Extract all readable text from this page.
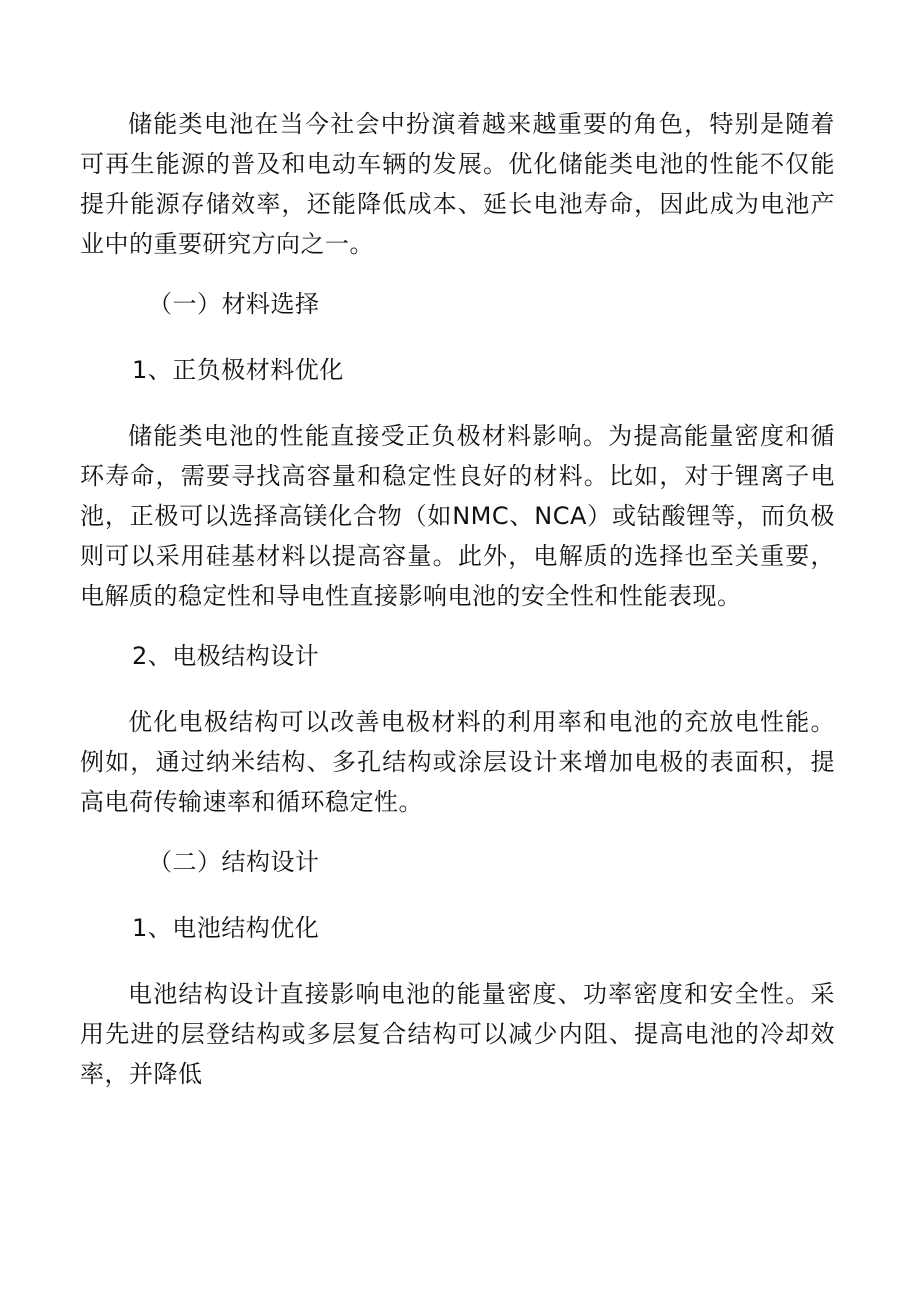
储能类电池在当今社会中扮演着越来越重要的角色，特别是随着可再生能源的普及和电动车辆的发展。优化储能类电池的性能不仅能提升能源存储效率，还能降低成本、延长电池寿命，因此成为电池产业中的重要研究方向之一。

（一）材料选择

1、正负极材料优化

储能类电池的性能直接受正负极材料影响。为提高能量密度和循环寿命，需要寻找高容量和稳定性良好的材料。比如，对于锂离子电池，正极可以选择高镁化合物（如NMC、NCA）或钴酸锂等，而负极则可以采用硅基材料以提高容量。此外，电解质的选择也至关重要，电解质的稳定性和导电性直接影响电池的安全性和性能表现。

2、电极结构设计

优化电极结构可以改善电极材料的利用率和电池的充放电性能。例如，通过纳米结构、多孔结构或涂层设计来增加电极的表面积，提高电荷传输速率和循环稳定性。

（二）结构设计

1、电池结构优化

电池结构设计直接影响电池的能量密度、功率密度和安全性。采用先进的层登结构或多层复合结构可以减少内阻、提高电池的冷却效率，并降低
